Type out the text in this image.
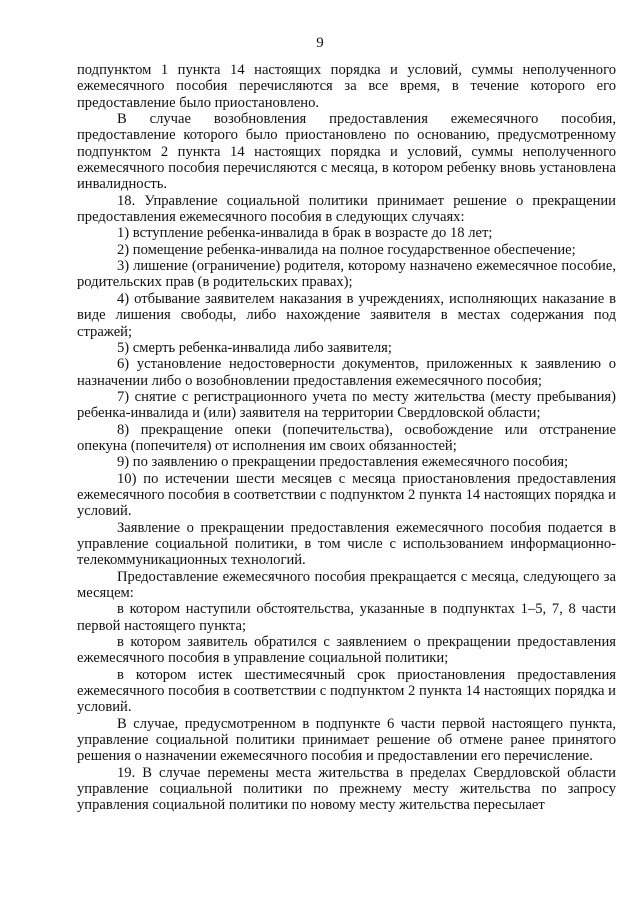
9

подпунктом 1 пункта 14 настоящих порядка и условий, суммы неполученного ежемесячного пособия перечисляются за все время, в течение которого его предоставление было приостановлено.

В случае возобновления предоставления ежемесячного пособия, предоставление которого было приостановлено по основанию, предусмотренному подпунктом 2 пункта 14 настоящих порядка и условий, суммы неполученного ежемесячного пособия перечисляются с месяца, в котором ребенку вновь установлена инвалидность.

18. Управление социальной политики принимает решение о прекращении предоставления ежемесячного пособия в следующих случаях:

1) вступление ребенка-инвалида в брак в возрасте до 18 лет;

2) помещение ребенка-инвалида на полное государственное обеспечение;

3) лишение (ограничение) родителя, которому назначено ежемесячное пособие, родительских прав (в родительских правах);

4) отбывание заявителем наказания в учреждениях, исполняющих наказание в виде лишения свободы, либо нахождение заявителя в местах содержания под стражей;

5) смерть ребенка-инвалида либо заявителя;

6) установление недостоверности документов, приложенных к заявлению о назначении либо о возобновлении предоставления ежемесячного пособия;

7) снятие с регистрационного учета по месту жительства (месту пребывания) ребенка-инвалида и (или) заявителя на территории Свердловской области;

8) прекращение опеки (попечительства), освобождение или отстранение опекуна (попечителя) от исполнения им своих обязанностей;

9) по заявлению о прекращении предоставления ежемесячного пособия;

10) по истечении шести месяцев с месяца приостановления предоставления ежемесячного пособия в соответствии с подпунктом 2 пункта 14 настоящих порядка и условий.

Заявление о прекращении предоставления ежемесячного пособия подается в управление социальной политики, в том числе с использованием информационно-телекоммуникационных технологий.

Предоставление ежемесячного пособия прекращается с месяца, следующего за месяцем:

в котором наступили обстоятельства, указанные в подпунктах 1–5, 7, 8 части первой настоящего пункта;

в котором заявитель обратился с заявлением о прекращении предоставления ежемесячного пособия в управление социальной политики;

в котором истек шестимесячный срок приостановления предоставления ежемесячного пособия в соответствии с подпунктом 2 пункта 14 настоящих порядка и условий.

В случае, предусмотренном в подпункте 6 части первой настоящего пункта, управление социальной политики принимает решение об отмене ранее принятого решения о назначении ежемесячного пособия и предоставлении его перечисление.

19. В случае перемены места жительства в пределах Свердловской области управление социальной политики по прежнему месту жительства по запросу управления социальной политики по новому месту жительства пересылает
